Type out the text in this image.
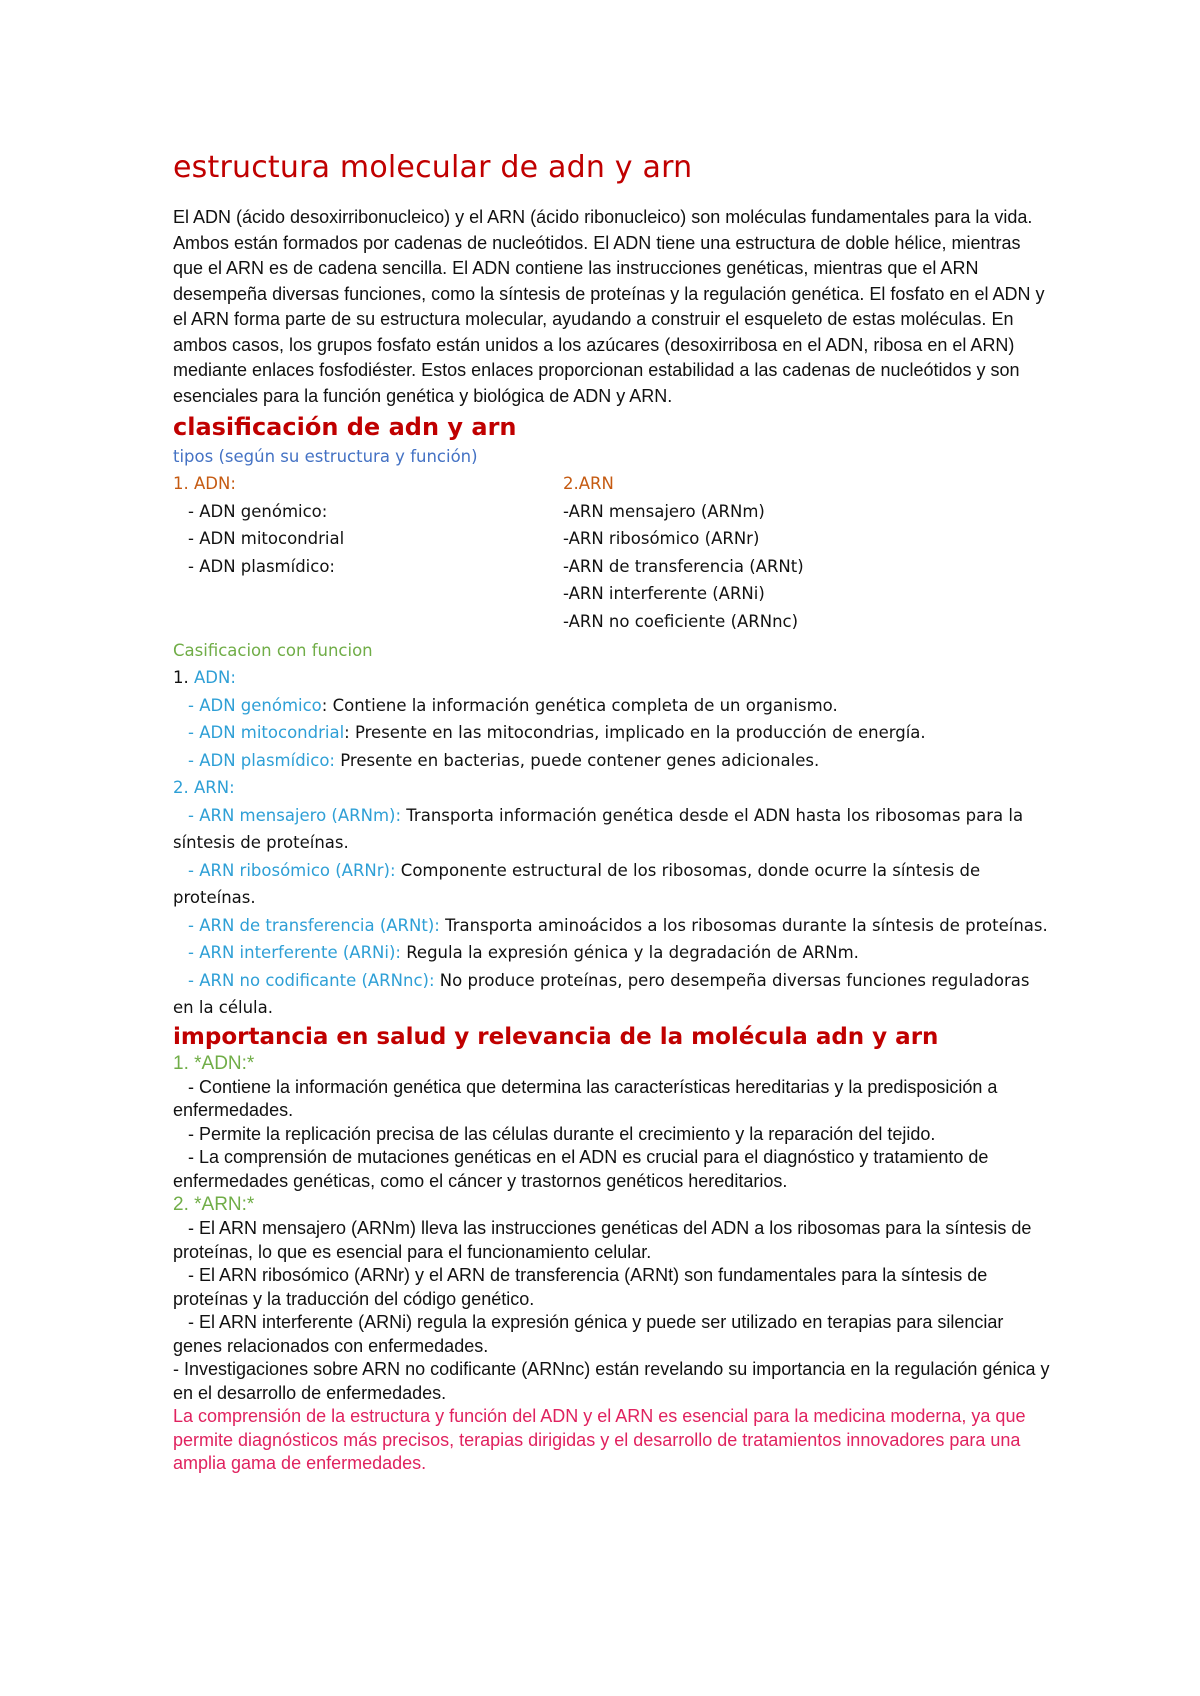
estructura molecular de adn y arn

El ADN (ácido desoxirribonucleico) y el ARN (ácido ribonucleico) son moléculas fundamentales para la vida. Ambos están formados por cadenas de nucleótidos. El ADN tiene una estructura de doble hélice, mientras que el ARN es de cadena sencilla. El ADN contiene las instrucciones genéticas, mientras que el ARN desempeña diversas funciones, como la síntesis de proteínas y la regulación genética. El fosfato en el ADN y el ARN forma parte de su estructura molecular, ayudando a construir el esqueleto de estas moléculas. En ambos casos, los grupos fosfato están unidos a los azúcares (desoxirribosa en el ADN, ribosa en el ARN) mediante enlaces fosfodiéster. Estos enlaces proporcionan estabilidad a las cadenas de nucleótidos y son esenciales para la función genética y biológica de ADN y ARN.

clasificación de adn y arn
tipos (según su estructura y función)
1. ADN:
- ADN genómico:
- ADN mitocondrial
- ADN plasmídico:
2.ARN
-ARN mensajero (ARNm)
-ARN ribosómico (ARNr)
-ARN de transferencia (ARNt)
-ARN interferente (ARNi)
-ARN no coeficiente (ARNnc)
Casificacion con funcion
1. ADN:
- ADN genómico: Contiene la información genética completa de un organismo.
- ADN mitocondrial: Presente en las mitocondrias, implicado en la producción de energía.
- ADN plasmídico: Presente en bacterias, puede contener genes adicionales.
2. ARN:

- ARN mensajero (ARNm): Transporta información genética desde el ADN hasta los ribosomas para la síntesis de proteínas.

- ARN ribosómico (ARNr): Componente estructural de los ribosomas, donde ocurre la síntesis de proteínas.

- ARN de transferencia (ARNt): Transporta aminoácidos a los ribosomas durante la síntesis de proteínas.

- ARN interferente (ARNi): Regula la expresión génica y la degradación de ARNm.

- ARN no codificante (ARNnc): No produce proteínas, pero desempeña diversas funciones reguladoras en la célula.

importancia en salud y relevancia de la molécula adn y arn
1. *ADN:*

- Contiene la información genética que determina las características hereditarias y la predisposición a enfermedades.

- Permite la replicación precisa de las células durante el crecimiento y la reparación del tejido.

- La comprensión de mutaciones genéticas en el ADN es crucial para el diagnóstico y tratamiento de enfermedades genéticas, como el cáncer y trastornos genéticos hereditarios.

2. *ARN:*

- El ARN mensajero (ARNm) lleva las instrucciones genéticas del ADN a los ribosomas para la síntesis de proteínas, lo que es esencial para el funcionamiento celular.

- El ARN ribosómico (ARNr) y el ARN de transferencia (ARNt) son fundamentales para la síntesis de proteínas y la traducción del código genético.

- El ARN interferente (ARNi) regula la expresión génica y puede ser utilizado en terapias para silenciar genes relacionados con enfermedades.

- Investigaciones sobre ARN no codificante (ARNnc) están revelando su importancia en la regulación génica y en el desarrollo de enfermedades.

La comprensión de la estructura y función del ADN y el ARN es esencial para la medicina moderna, ya que permite diagnósticos más precisos, terapias dirigidas y el desarrollo de tratamientos innovadores para una amplia gama de enfermedades.
